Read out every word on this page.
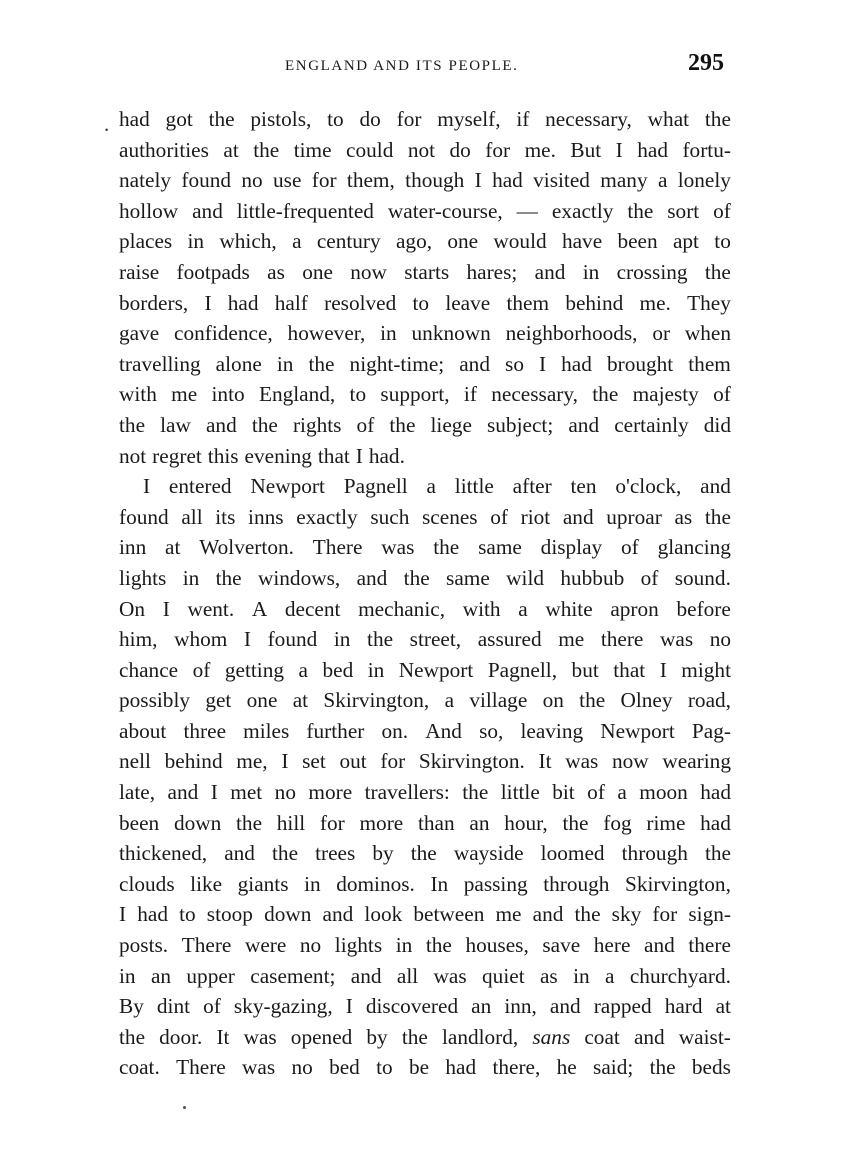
ENGLAND AND ITS PEOPLE.	295
. had got the pistols, to do for myself, if necessary, what the
authorities at the time could not do for me. But I had fortu-
nately found no use for them, though I had visited many a lonely
hollow and little-frequented water-course, — exactly the sort of
places in which, a century ago, one would have been apt to
raise footpads as one now starts hares; and in crossing the
borders, I had half resolved to leave them behind me. They
gave confidence, however, in unknown neighborhoods, or when
travelling alone in the night-time; and so I had brought them
with me into England, to support, if necessary, the majesty of
the law and the rights of the liege subject; and certainly did
not regret this evening that I had.
I entered Newport Pagnell a little after ten o'clock, and
found all its inns exactly such scenes of riot and uproar as the
inn at Wolverton. There was the same display of glancing
lights in the windows, and the same wild hubbub of sound.
On I went. A decent mechanic, with a white apron before
him, whom I found in the street, assured me there was no
chance of getting a bed in Newport Pagnell, but that I might
possibly get one at Skirvington, a village on the Olney road,
about three miles further on. And so, leaving Newport Pag-
nell behind me, I set out for Skirvington. It was now wearing
late, and I met no more travellers: the little bit of a moon had
been down the hill for more than an hour, the fog rime had
thickened, and the trees by the wayside loomed through the
clouds like giants in dominos. In passing through Skirvington,
I had to stoop down and look between me and the sky for sign-
posts. There were no lights in the houses, save here and there
in an upper casement; and all was quiet as in a churchyard.
By dint of sky-gazing, I discovered an inn, and rapped hard at
the door. It was opened by the landlord, sans coat and waist-
coat. There was no bed to be had there, he said; the beds
